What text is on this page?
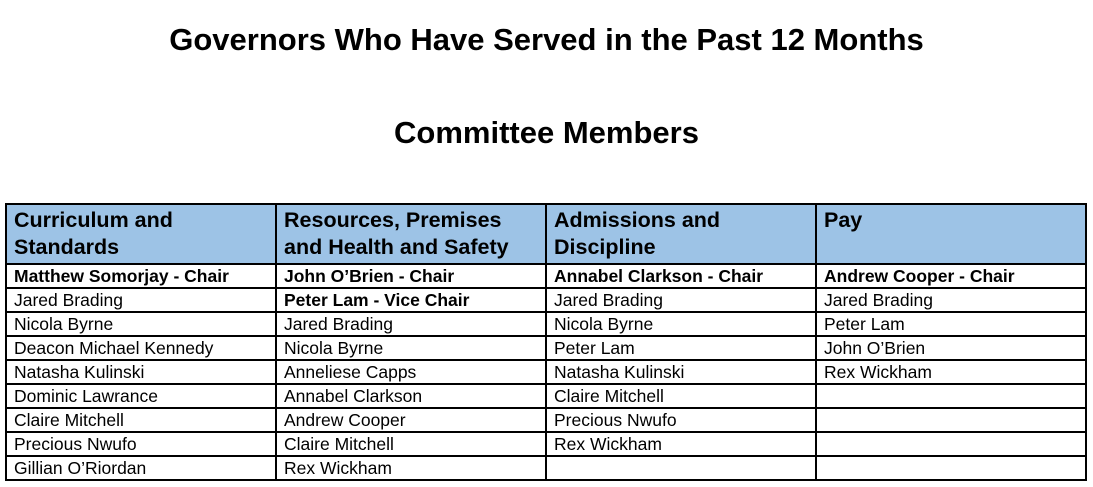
Governors Who Have Served in the Past 12 Months
Committee Members
Curriculum and Standards	Resources, Premises and Health and Safety	Admissions and Discipline	Pay
Matthew Somorjay - Chair	John O’Brien - Chair	Annabel Clarkson - Chair	Andrew Cooper - Chair
Jared Brading	Peter Lam - Vice Chair	Jared Brading	Jared Brading
Nicola Byrne	Jared Brading	Nicola Byrne	Peter Lam
Deacon Michael Kennedy	Nicola Byrne	Peter Lam	John O’Brien
Natasha Kulinski	Anneliese Capps	Natasha Kulinski	Rex Wickham
Dominic Lawrance	Annabel Clarkson	Claire Mitchell	
Claire Mitchell	Andrew Cooper	Precious Nwufo	
Precious Nwufo	Claire Mitchell	Rex Wickham	
Gillian O’Riordan	Rex Wickham		
